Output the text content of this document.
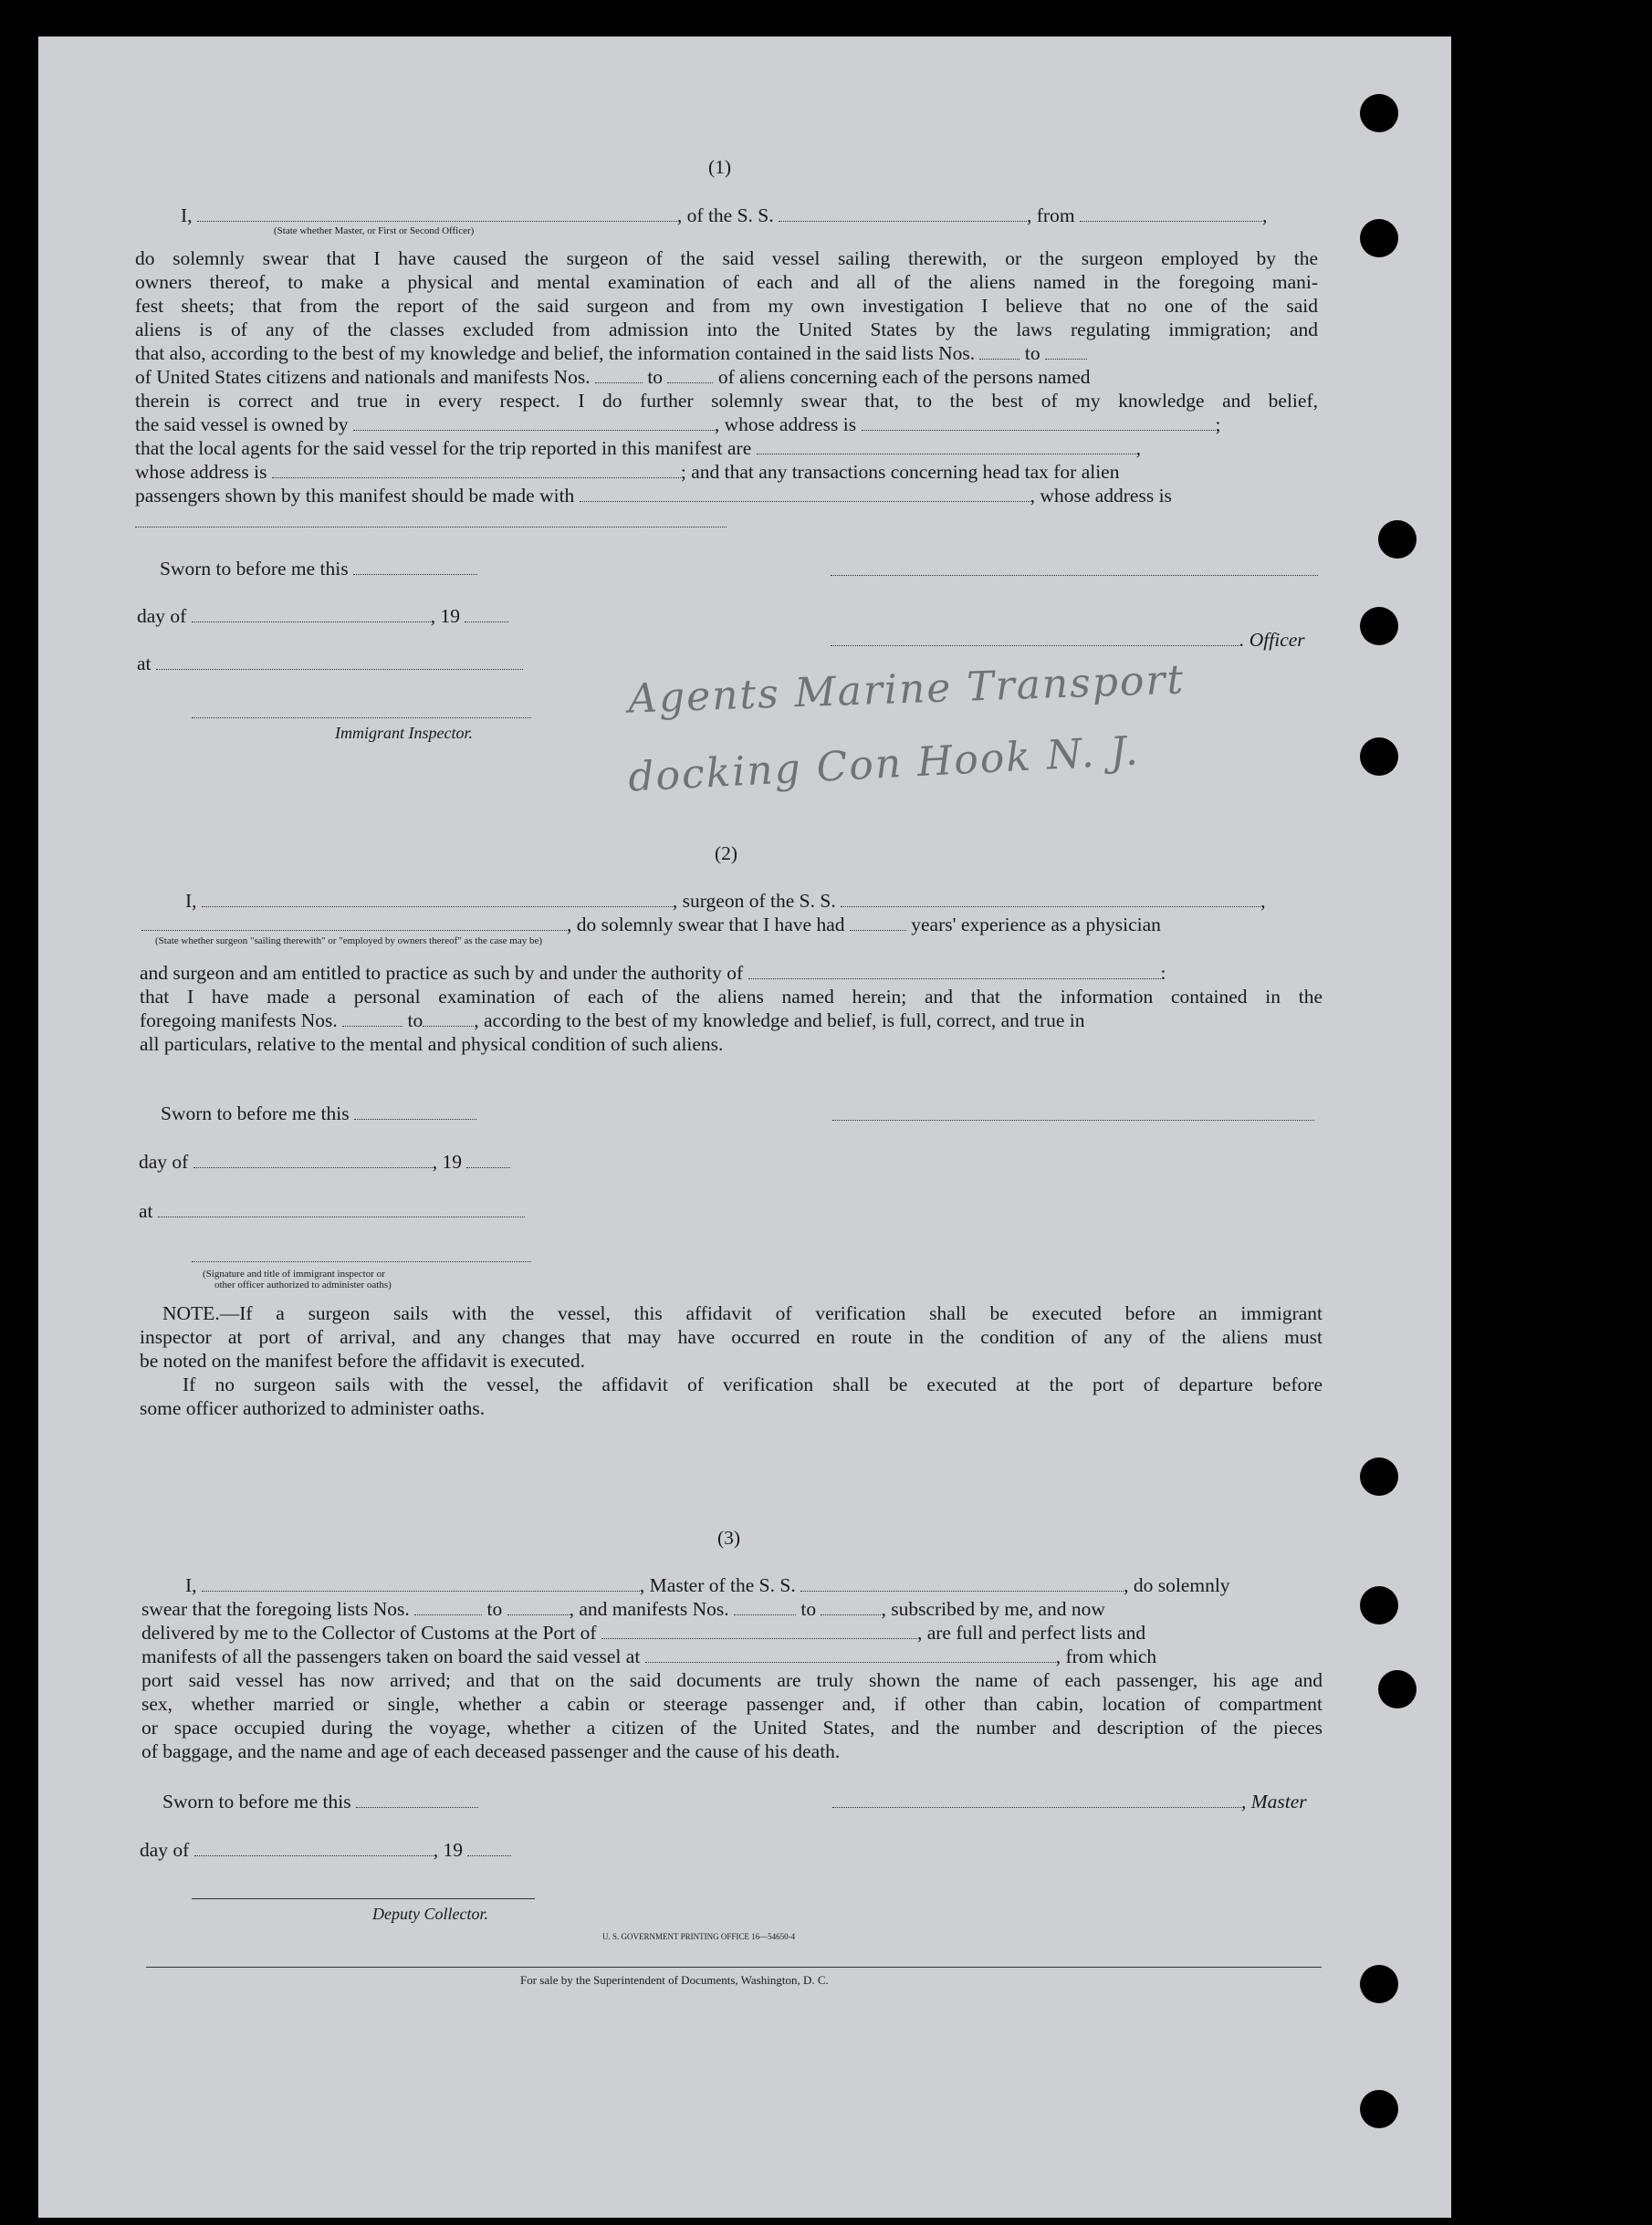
(1)
I,	, of the S. S.	, from	,
(State whether Master, or First or Second Officer)
do solemnly swear that I have caused the surgeon of the said vessel sailing therewith, or the surgeon employed by the
owners thereof, to make a physical and mental examination of each and all of the aliens named in the foregoing mani-
fest sheets; that from the report of the said surgeon and from my own investigation I believe that no one of the said
aliens is of any of the classes excluded from admission into the United States by the laws regulating immigration; and
that also, according to the best of my knowledge and belief, the information contained in the said lists Nos.	to
of United States citizens and nationals and manifests Nos.	to	of aliens concerning each of the persons named
therein is correct and true in every respect. I do further solemnly swear that, to the best of my knowledge and belief,
the said vessel is owned by	, whose address is	;
that the local agents for the said vessel for the trip reported in this manifest are	,
whose address is	; and that any transactions concerning head tax for alien
passengers shown by this manifest should be made with	, whose address is
Sworn to before me this
day of	, 19
. Officer
at
Immigrant Inspector.
Agents Marine Transport
docking Con Hook N. J.
(2)
I,	, surgeon of the S. S.	,
, do solemnly swear that I have had	years' experience as a physician
(State whether surgeon "sailing therewith" or "employed by owners thereof" as the case may be)
and surgeon and am entitled to practice as such by and under the authority of	:
that I have made a personal examination of each of the aliens named herein; and that the information contained in the
foregoing manifests Nos.	to	, according to the best of my knowledge and belief, is full, correct, and true in
all particulars, relative to the mental and physical condition of such aliens.
Sworn to before me this
day of	, 19
at
(Signature and title of immigrant inspector or
other officer authorized to administer oaths)
NOTE.—If a surgeon sails with the vessel, this affidavit of verification shall be executed before an immigrant
inspector at port of arrival, and any changes that may have occurred en route in the condition of any of the aliens must
be noted on the manifest before the affidavit is executed.
If no surgeon sails with the vessel, the affidavit of verification shall be executed at the port of departure before
some officer authorized to administer oaths.
(3)
I,	, Master of the S. S.	, do solemnly
swear that the foregoing lists Nos.	to	, and manifests Nos.	to	, subscribed by me, and now
delivered by me to the Collector of Customs at the Port of	, are full and perfect lists and
manifests of all the passengers taken on board the said vessel at	, from which
port said vessel has now arrived; and that on the said documents are truly shown the name of each passenger, his age and
sex, whether married or single, whether a cabin or steerage passenger and, if other than cabin, location of compartment
or space occupied during the voyage, whether a citizen of the United States, and the number and description of the pieces
of baggage, and the name and age of each deceased passenger and the cause of his death.
Sworn to before me this	, Master
day of	, 19
Deputy Collector.
U. S. GOVERNMENT PRINTING OFFICE 16—54650-4
For sale by the Superintendent of Documents, Washington, D. C.
